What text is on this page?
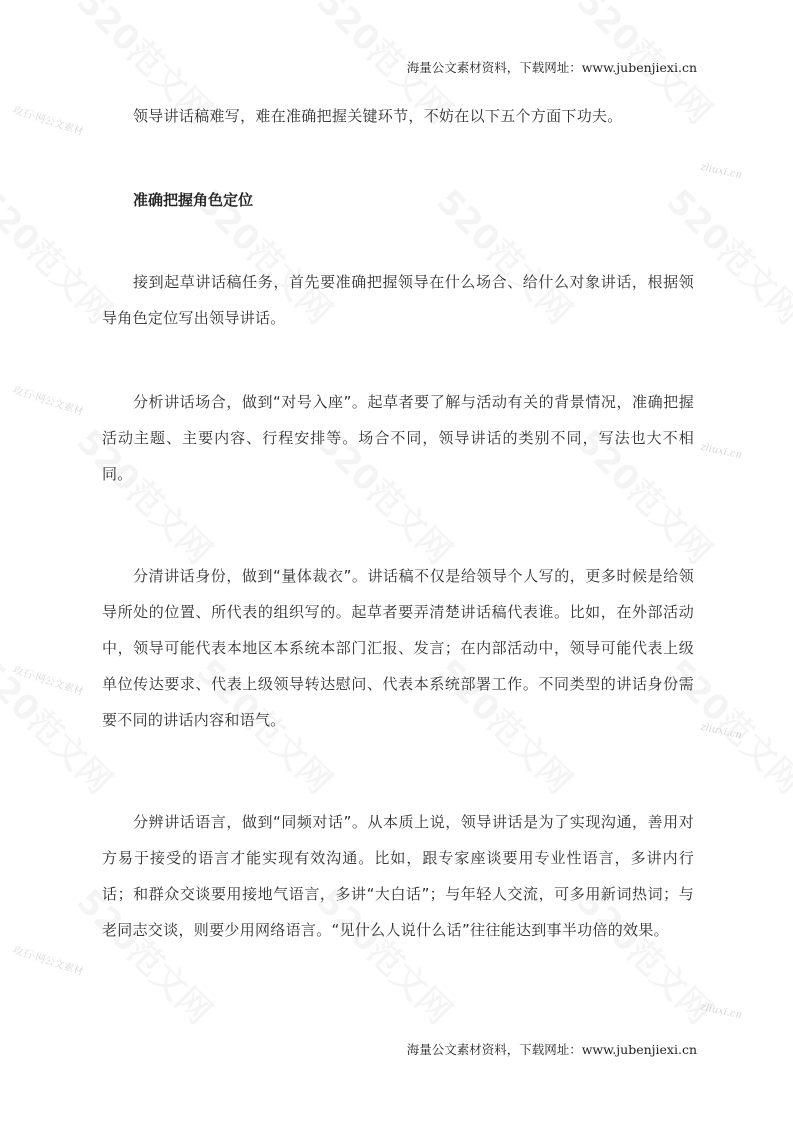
攻石·网公文素材
攻石·网公文素材
攻石·网公文素材
攻石·网公文素材
zliuxi.cn
zliuxi.cn
zliuxi.cn
zliuxi.cn
海量公文素材资料，下载网址：www.jubenjiexi.cn

领导讲话稿难写，难在准确把握关键环节，不妨在以下五个方面下功夫。

准确把握角色定位

接到起草讲话稿任务，首先要准确把握领导在什么场合、给什么对象讲话，根据领导角色定位写出领导讲话。

分析讲话场合，做到“对号入座”。起草者要了解与活动有关的背景情况，准确把握活动主题、主要内容、行程安排等。场合不同，领导讲话的类别不同，写法也大不相同。

分清讲话身份，做到“量体裁衣”。讲话稿不仅是给领导个人写的，更多时候是给领导所处的位置、所代表的组织写的。起草者要弄清楚讲话稿代表谁。比如，在外部活动中，领导可能代表本地区本系统本部门汇报、发言；在内部活动中，领导可能代表上级单位传达要求、代表上级领导转达慰问、代表本系统部署工作。不同类型的讲话身份需要不同的讲话内容和语气。

分辨讲话语言，做到“同频对话”。从本质上说，领导讲话是为了实现沟通，善用对方易于接受的语言才能实现有效沟通。比如，跟专家座谈要用专业性语言，多讲内行话；和群众交谈要用接地气语言，多讲“大白话”；与年轻人交流，可多用新词热词；与老同志交谈，则要少用网络语言。“见什么人说什么话”往往能达到事半功倍的效果。

海量公文素材资料，下载网址：www.jubenjiexi.cn
